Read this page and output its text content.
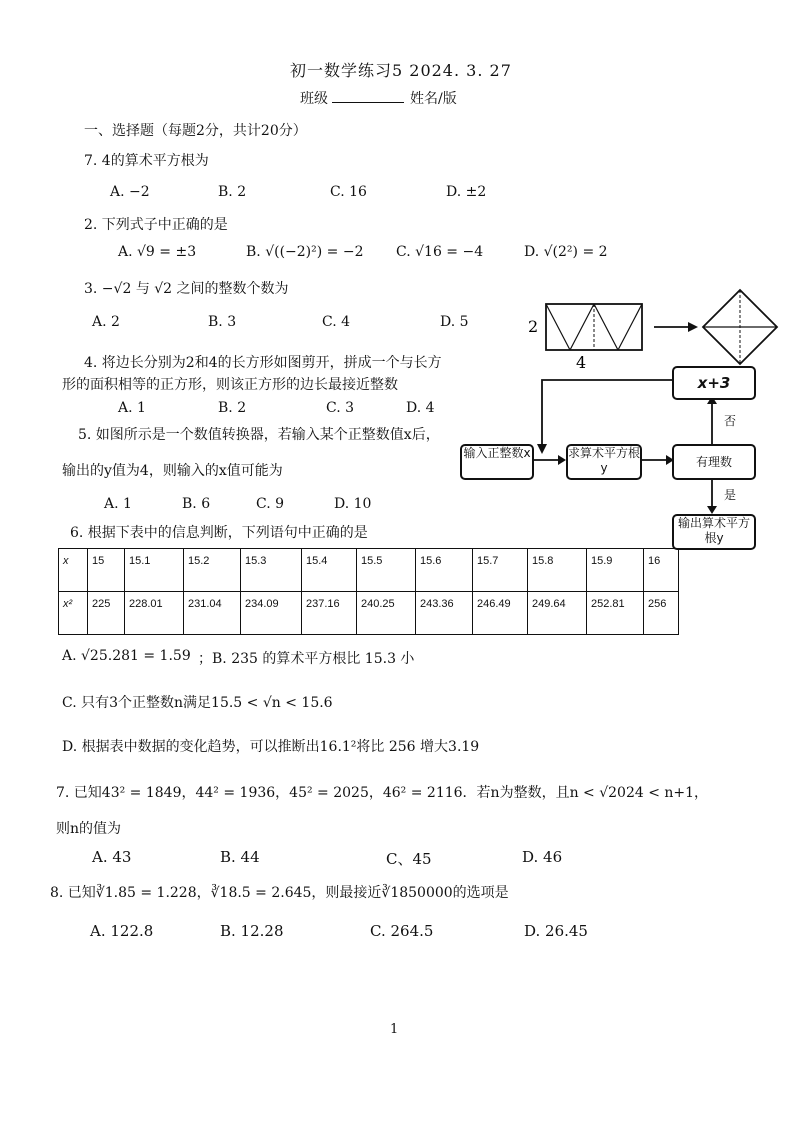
初一数学练习5 2024. 3. 27
班级	姓名/版
一、选择题（每题2分，共计20分）
7. 4的算术平方根为
A. −2	B. 2	C. 16	D. ±2
2. 下列式子中正确的是
A. √9 = ±3	B. √((−2)²) = −2 C. √16 = −4	D. √(2²) = 2
3. −√2 与 √2 之间的整数个数为
A. 2	B. 3	C. 4	D. 5
4. 将边长分别为2和4的长方形如图剪开，拼成一个与长方
形的面积相等的正方形，则该正方形的边长最接近整数
A. 1	B. 2	C. 3	D. 4
5. 如图所示是一个数值转换器，若输入某个正整数值x后，
输出的y值为4，则输入的x值可能为
A. 1	B. 6	C. 9	D. 10
2
4
x+3
输入正整数x	求算术平方根y	有理数
输出算术平方根y
否
是
6. 根据下表中的信息判断，下列语句中正确的是
x	15	15.1	15.2	15.3	15.4	15.5	15.6	15.7	15.8	15.9	16
x²	225	228.01	231.04	234.09	237.16	240.25	243.36	246.49	249.64	252.81	256
A. √25.281 = 1.59 ；B. 235 的算术平方根比 15.3 小
C. 只有3个正整数n满足15.5 < √n < 15.6
D. 根据表中数据的变化趋势，可以推断出16.1²将比 256 增大3.19
7. 已知43² = 1849，44² = 1936，45² = 2025，46² = 2116．若n为整数，且n < √2024 < n+1，
则n的值为
A. 43	B. 44	C、45	D. 46
8. 已知∛1.85 = 1.228，∛18.5 = 2.645，则最接近∛1850000的选项是
A. 122.8	B. 12.28	C. 264.5	D. 26.45
1
